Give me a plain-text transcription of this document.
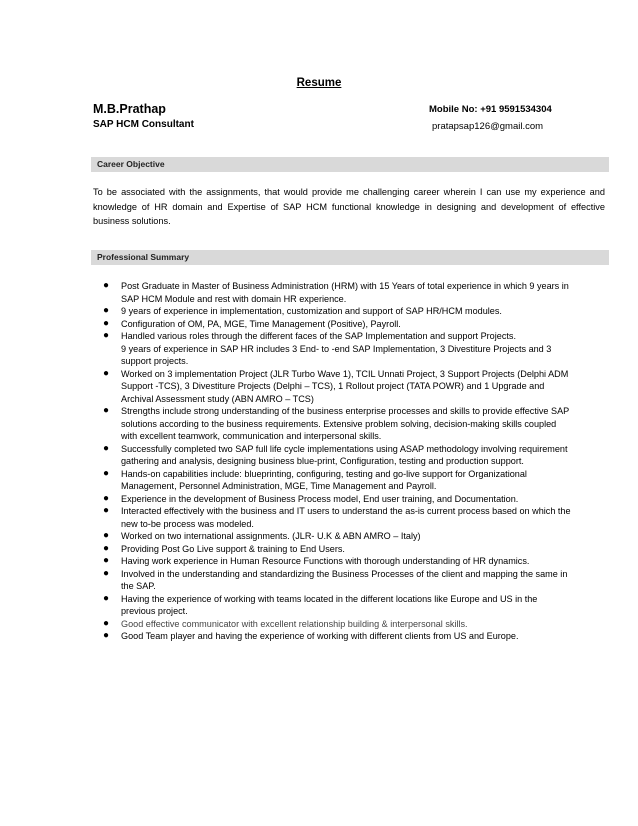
Resume
M.B.Prathap
SAP HCM Consultant
Mobile No: +91 9591534304
pratapsap126@gmail.com
Career Objective
To be associated with the assignments, that would provide me challenging career wherein I can use my experience and knowledge of HR domain and Expertise of SAP HCM functional knowledge in designing and development of effective business solutions.
Professional Summary
● Post Graduate in Master of Business Administration (HRM) with 15 Years of total experience in which 9 years in SAP HCM Module and rest with domain HR experience.
● 9 years of experience in implementation, customization and support of SAP HR/HCM modules.
● Configuration of OM, PA, MGE, Time Management (Positive), Payroll.
● Handled various roles through the different faces of the SAP Implementation and support Projects.
9 years of experience in SAP HR includes 3 End- to -end SAP Implementation, 3 Divestiture Projects and 3 support projects.
● Worked on 3 implementation Project (JLR Turbo Wave 1), TCIL Unnati Project, 3 Support Projects (Delphi ADM Support -TCS), 3 Divestiture Projects (Delphi – TCS), 1 Rollout project (TATA POWR) and 1 Upgrade and Archival Assessment study (ABN AMRO – TCS)
● Strengths include strong understanding of the business enterprise processes and skills to provide effective SAP solutions according to the business requirements. Extensive problem solving, decision-making skills coupled with excellent teamwork, communication and interpersonal skills.
● Successfully completed two SAP full life cycle implementations using ASAP methodology involving requirement gathering and analysis, designing business blue-print, Configuration, testing and production support.
● Hands-on capabilities include: blueprinting, configuring, testing and go-live support for Organizational Management, Personnel Administration, MGE, Time Management and Payroll.
● Experience in the development of Business Process model, End user training, and Documentation.
● Interacted effectively with the business and IT users to understand the as-is current process based on which the new to-be process was modeled.
● Worked on two international assignments. (JLR- U.K & ABN AMRO – Italy)
● Providing Post Go Live support & training to End Users.
● Having work experience in Human Resource Functions with thorough understanding of HR dynamics.
● Involved in the understanding and standardizing the Business Processes of the client and mapping the same in the SAP.
● Having the experience of working with teams located in the different locations like Europe and US in the previous project.
● Good effective communicator with excellent relationship building & interpersonal skills.
● Good Team player and having the experience of working with different clients from US and Europe.
